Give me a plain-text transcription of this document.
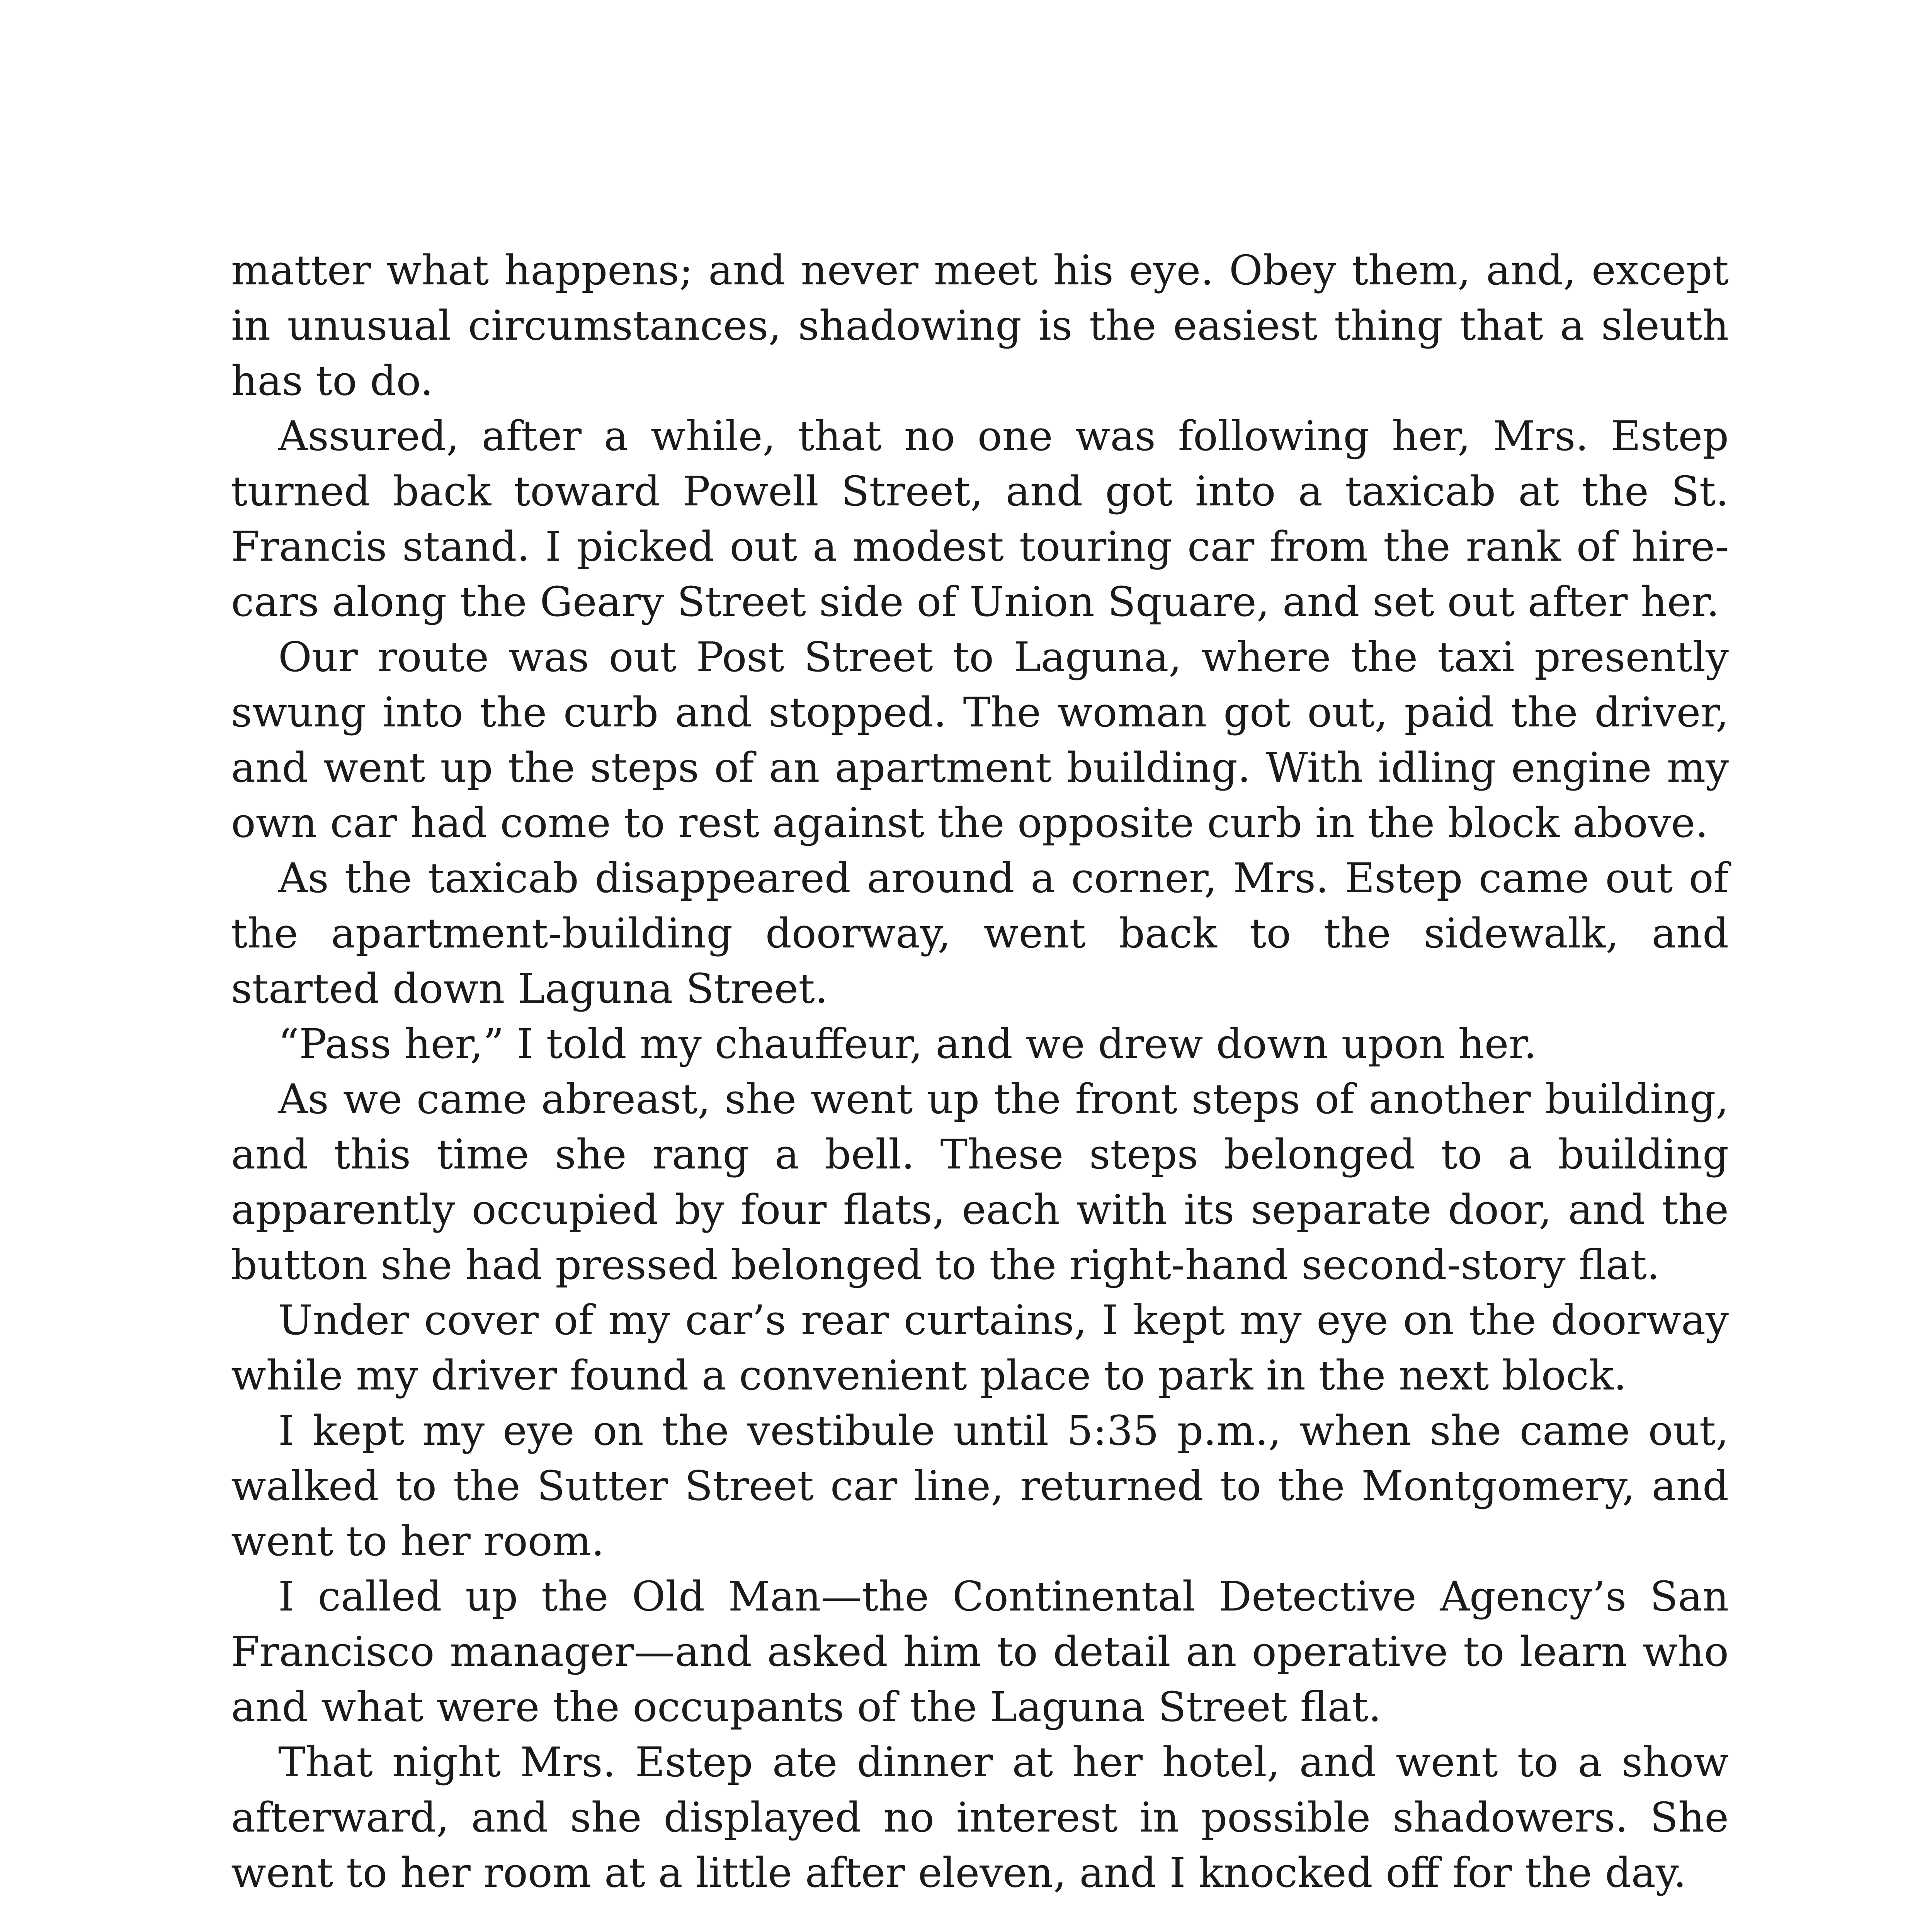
matter what happens; and never meet his eye. Obey them, and, except in unusual circumstances, shadowing is the easiest thing that a sleuth has to do.

Assured, after a while, that no one was following her, Mrs. Estep turned back toward Powell Street, and got into a taxicab at the St. Francis stand. I picked out a modest touring car from the rank of hire-cars along the Geary Street side of Union Square, and set out after her.

Our route was out Post Street to Laguna, where the taxi presently swung into the curb and stopped. The woman got out, paid the driver, and went up the steps of an apartment building. With idling engine my own car had come to rest against the opposite curb in the block above.

As the taxicab disappeared around a corner, Mrs. Estep came out of the apartment-building doorway, went back to the sidewalk, and started down Laguna Street.

“Pass her,” I told my chauffeur, and we drew down upon her.

As we came abreast, she went up the front steps of another building, and this time she rang a bell. These steps belonged to a building apparently occupied by four flats, each with its separate door, and the button she had pressed belonged to the right-hand second-story flat.

Under cover of my car’s rear curtains, I kept my eye on the doorway while my driver found a convenient place to park in the next block.

I kept my eye on the vestibule until 5:35 p.m., when she came out, walked to the Sutter Street car line, returned to the Montgomery, and went to her room.

I called up the Old Man—the Continental Detective Agency’s San Francisco manager—and asked him to detail an operative to learn who and what were the occupants of the Laguna Street flat.

That night Mrs. Estep ate dinner at her hotel, and went to a show afterward, and she displayed no interest in possible shadowers. She went to her room at a little after eleven, and I knocked off for the day.
